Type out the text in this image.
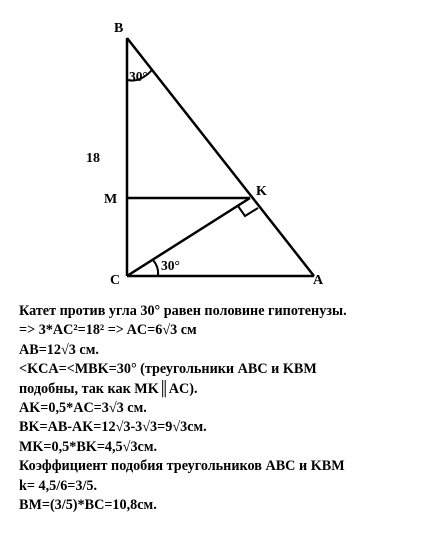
B
M
K
C	A
18
30°
30°
Катет против угла 30° равен половине гипотенузы.
=> 3*AC²=18² => AC=6√3 см
AB=12√3 см.
<KCA=<MBK=30° (треугольники ABC и KBM
подобны, так как MK║AC).
AK=0,5*AC=3√3 см.
BK=AB-AK=12√3-3√3=9√3см.
MK=0,5*BK=4,5√3см.
Коэффициент подобия треугольников ABC и KBM
k= 4,5/6=3/5.
BM=(3/5)*BC=10,8см.
